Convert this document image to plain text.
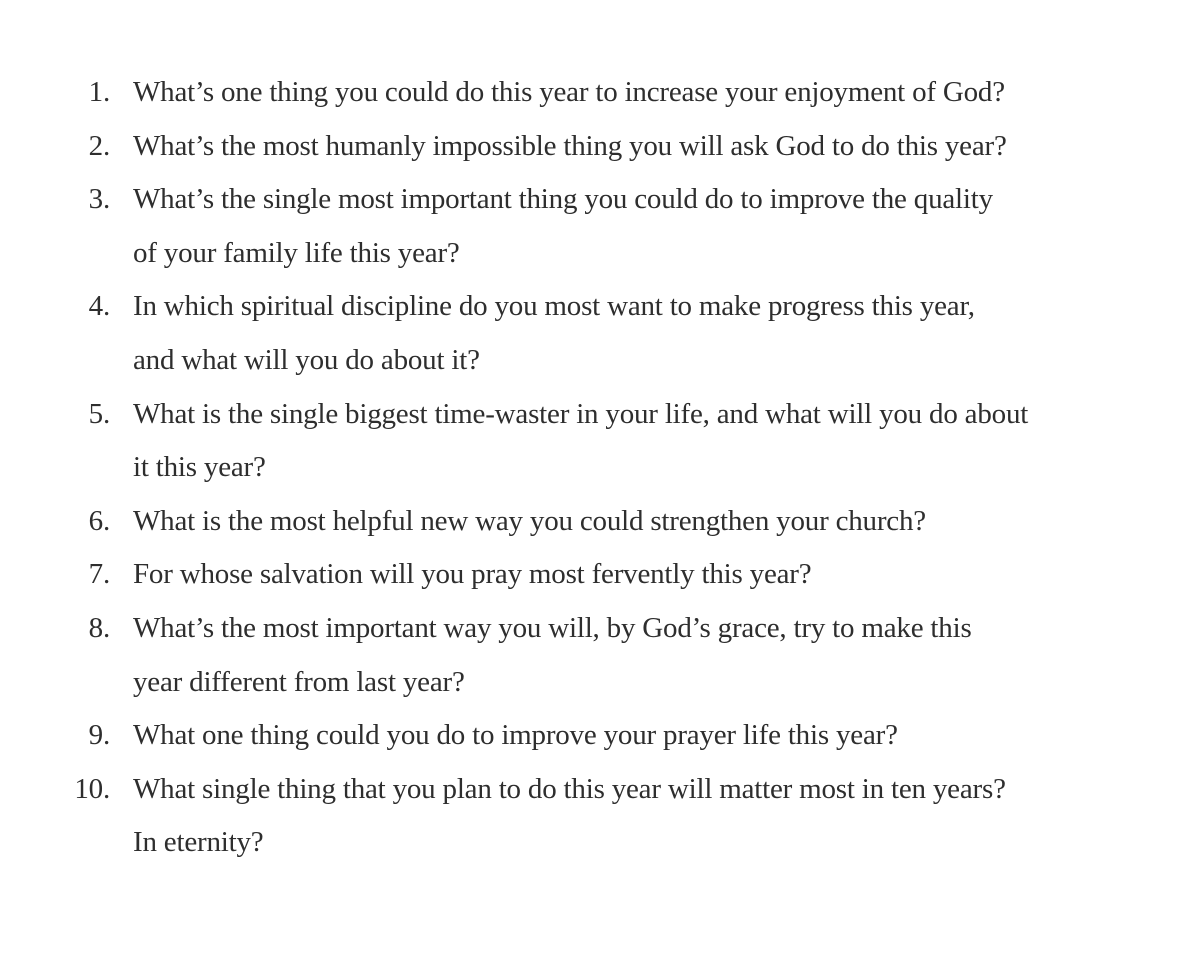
1. What’s one thing you could do this year to increase your enjoyment of God?
2. What’s the most humanly impossible thing you will ask God to do this year?
3. What’s the single most important thing you could do to improve the quality
of your family life this year?
4. In which spiritual discipline do you most want to make progress this year,
and what will you do about it?
5. What is the single biggest time-waster in your life, and what will you do about
it this year?
6. What is the most helpful new way you could strengthen your church?
7. For whose salvation will you pray most fervently this year?
8. What’s the most important way you will, by God’s grace, try to make this
year different from last year?
9. What one thing could you do to improve your prayer life this year?
10. What single thing that you plan to do this year will matter most in ten years?
In eternity?
